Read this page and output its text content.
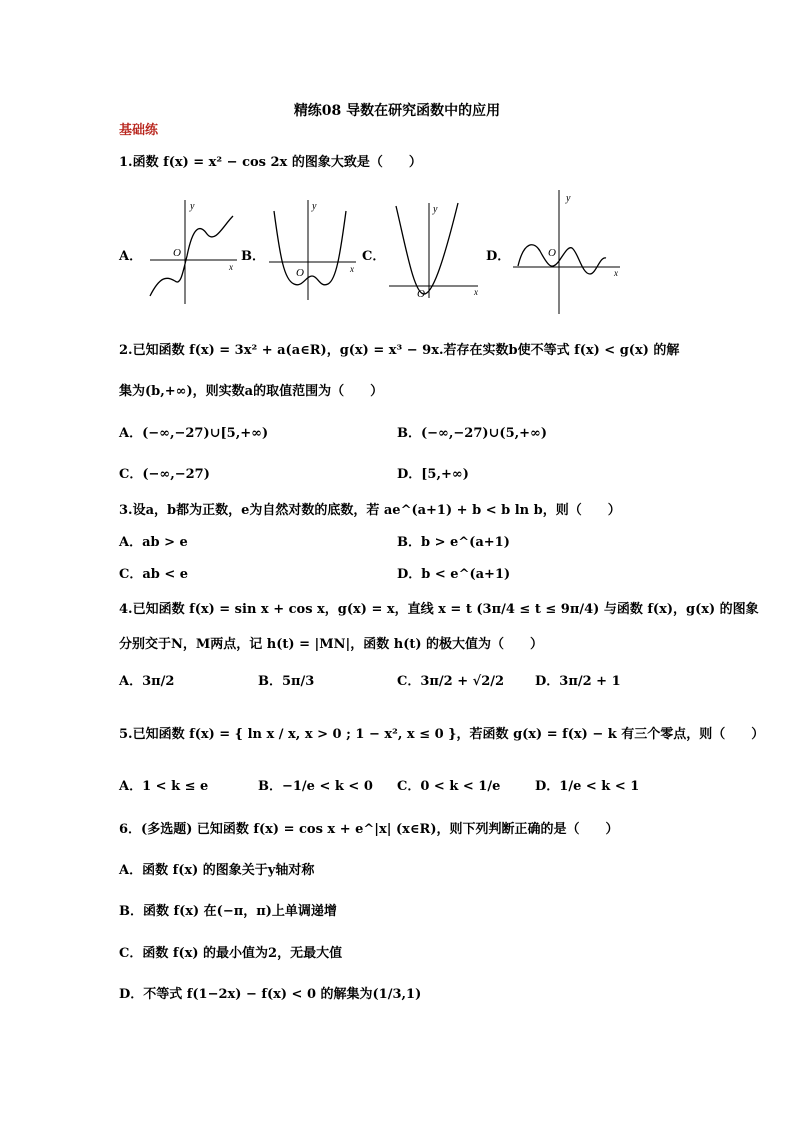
精练08 导数在研究函数中的应用
基础练
1.函数 f(x) = x² − cos 2x 的图象大致是（　　）
A．
y
x
O	B．
y
x
O
C．
y
x
O
D．
y
x
O
2.已知函数 f(x) = 3x² + a(a∈R)，g(x) = x³ − 9x.若存在实数b使不等式 f(x) < g(x) 的解
集为(b,+∞)，则实数a的取值范围为（　　）
A．(−∞,−27)∪[5,+∞)	B．(−∞,−27)∪(5,+∞)
C．(−∞,−27)	D．[5,+∞)
3.设a，b都为正数，e为自然对数的底数，若 ae^(a+1) + b < b ln b，则（　　）
A．ab > e	B．b > e^(a+1)
C．ab < e	D．b < e^(a+1)
4.已知函数 f(x) = sin x + cos x，g(x) = x，直线 x = t (3π/4 ≤ t ≤ 9π/4) 与函数 f(x)，g(x) 的图象
分别交于N，M两点，记 h(t) = |MN|，函数 h(t) 的极大值为（　　）
A．3π/2	B．5π/3	C．3π/2 + √2/2 D．3π/2 + 1
5.已知函数 f(x) = { ln x / x, x > 0 ; 1 − x², x ≤ 0 }，若函数 g(x) = f(x) − k 有三个零点，则（　　）
A．1 < k ≤ e	B．−1/e < k < 0 C．0 < k < 1/e	D．1/e < k < 1
6．(多选题) 已知函数 f(x) = cos x + e^|x| (x∈R)，则下列判断正确的是（　　）
A．函数 f(x) 的图象关于y轴对称
B．函数 f(x) 在(−π，π)上单调递增
C．函数 f(x) 的最小值为2，无最大值
D．不等式 f(1−2x) − f(x) < 0 的解集为(1/3,1)
